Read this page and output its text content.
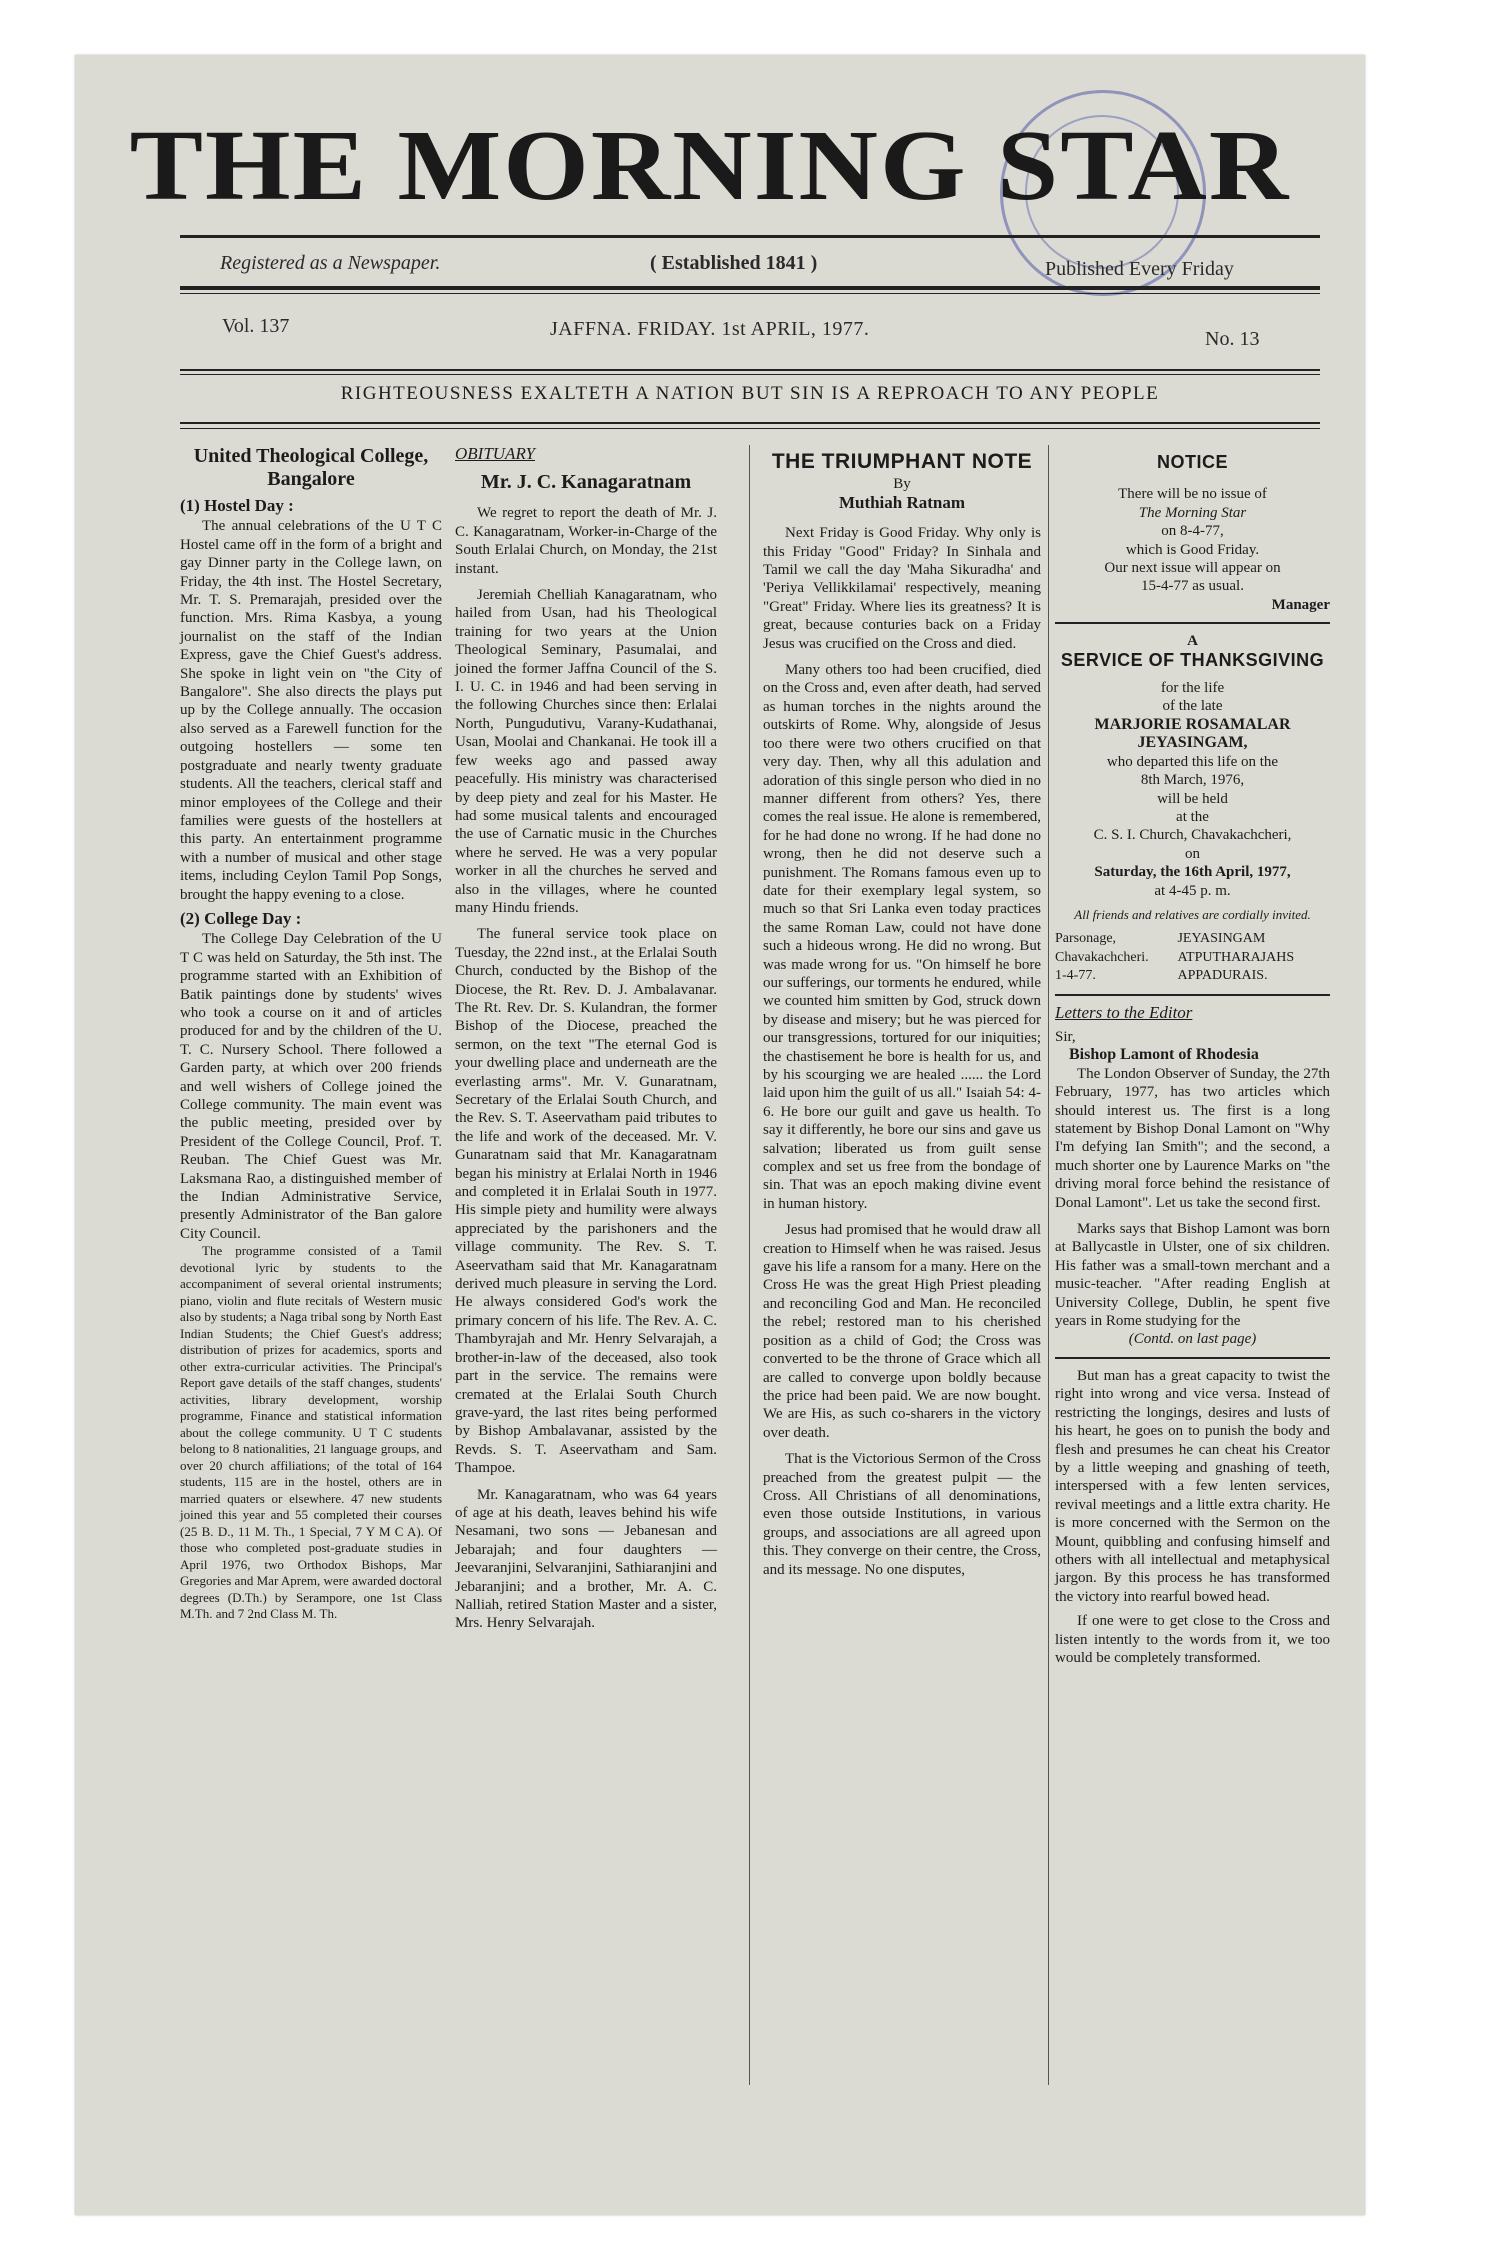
THE MORNING STAR
Registered as a Newspaper.	( Established 1841 )	Published Every Friday
Vol. 137	JAFFNA. FRIDAY. 1st APRIL, 1977.	No. 13
RIGHTEOUSNESS EXALTETH A NATION BUT SIN IS A REPROACH TO ANY PEOPLE
United Theological College, Bangalore
(1) Hostel Day :

The annual celebrations of the U T C Hostel came off in the form of a bright and gay Dinner party in the College lawn, on Friday, the 4th inst. The Hostel Secretary, Mr. T. S. Premarajah, presided over the function. Mrs. Rima Kasbya, a young journalist on the staff of the Indian Express, gave the Chief Guest's address. She spoke in light vein on "the City of Bangalore". She also directs the plays put up by the College annually. The occasion also served as a Farewell function for the outgoing hostellers — some ten postgraduate and nearly twenty graduate students. All the teachers, clerical staff and minor employees of the College and their families were guests of the hostellers at this party. An entertainment programme with a number of musical and other stage items, including Ceylon Tamil Pop Songs, brought the happy evening to a close.

(2) College Day :

The College Day Celebration of the U T C was held on Saturday, the 5th inst. The programme started with an Exhibition of Batik paintings done by students' wives who took a course on it and of articles produced for and by the children of the U. T. C. Nursery School. There followed a Garden party, at which over 200 friends and well wishers of College joined the College community. The main event was the public meeting, presided over by President of the College Council, Prof. T. Reuban. The Chief Guest was Mr. Laksmana Rao, a distinguished member of the Indian Administrative Service, presently Administrator of the Ban galore City Council.

The programme consisted of a Tamil devotional lyric by students to the accompaniment of several oriental instruments; piano, violin and flute recitals of Western music also by students; a Naga tribal song by North East Indian Students; the Chief Guest's address; distribution of prizes for academics, sports and other extra-curricular activities. The Principal's Report gave details of the staff changes, students' activities, library development, worship programme, Finance and statistical information about the college community. U T C students belong to 8 nationalities, 21 language groups, and over 20 church affiliations; of the total of 164 students, 115 are in the hostel, others are in married quaters or elsewhere. 47 new students joined this year and 55 completed their courses (25 B. D., 11 M. Th., 1 Special, 7 Y M C A). Of those who completed post-graduate studies in April 1976, two Orthodox Bishops, Mar Gregories and Mar Aprem, were awarded doctoral degrees (D.Th.) by Serampore, one 1st Class M.Th. and 7 2nd Class M. Th.

OBITUARY
Mr. J. C. Kanagaratnam

We regret to report the death of Mr. J. C. Kanagaratnam, Worker-in-Charge of the South Erlalai Church, on Monday, the 21st instant.

Jeremiah Chelliah Kanagaratnam, who hailed from Usan, had his Theological training for two years at the Union Theological Seminary, Pasumalai, and joined the former Jaffna Council of the S. I. U. C. in 1946 and had been serving in the following Churches since then: Erlalai North, Pungudutivu, Varany-Kudathanai, Usan, Moolai and Chankanai. He took ill a few weeks ago and passed away peacefully. His ministry was characterised by deep piety and zeal for his Master. He had some musical talents and encouraged the use of Carnatic music in the Churches where he served. He was a very popular worker in all the churches he served and also in the villages, where he counted many Hindu friends.

The funeral service took place on Tuesday, the 22nd inst., at the Erlalai South Church, conducted by the Bishop of the Diocese, the Rt. Rev. D. J. Ambalavanar. The Rt. Rev. Dr. S. Kulandran, the former Bishop of the Diocese, preached the sermon, on the text "The eternal God is your dwelling place and underneath are the everlasting arms". Mr. V. Gunaratnam, Secretary of the Erlalai South Church, and the Rev. S. T. Aseervatham paid tributes to the life and work of the deceased. Mr. V. Gunaratnam said that Mr. Kanagaratnam began his ministry at Erlalai North in 1946 and completed it in Erlalai South in 1977. His simple piety and humility were always appreciated by the parishoners and the village community. The Rev. S. T. Aseervatham said that Mr. Kanagaratnam derived much pleasure in serving the Lord. He always considered God's work the primary concern of his life. The Rev. A. C. Thambyrajah and Mr. Henry Selvarajah, a brother-in-law of the deceased, also took part in the service. The remains were cremated at the Erlalai South Church grave-yard, the last rites being performed by Bishop Ambalavanar, assisted by the Revds. S. T. Aseervatham and Sam. Thampoe.

Mr. Kanagaratnam, who was 64 years of age at his death, leaves behind his wife Nesamani, two sons — Jebanesan and Jebarajah; and four daughters — Jeevaranjini, Selvaranjini, Sathiaranjini and Jebaranjini; and a brother, Mr. A. C. Nalliah, retired Station Master and a sister, Mrs. Henry Selvarajah.

THE TRIUMPHANT NOTE
By
Muthiah Ratnam

Next Friday is Good Friday. Why only is this Friday "Good" Friday? In Sinhala and Tamil we call the day 'Maha Sikuradha' and 'Periya Vellikkilamai' respectively, meaning "Great" Friday. Where lies its greatness? It is great, because conturies back on a Friday Jesus was crucified on the Cross and died.

Many others too had been crucified, died on the Cross and, even after death, had served as human torches in the nights around the outskirts of Rome. Why, alongside of Jesus too there were two others crucified on that very day. Then, why all this adulation and adoration of this single person who died in no manner different from others? Yes, there comes the real issue. He alone is remembered, for he had done no wrong. If he had done no wrong, then he did not deserve such a punishment. The Romans famous even up to date for their exemplary legal system, so much so that Sri Lanka even today practices the same Roman Law, could not have done such a hideous wrong. He did no wrong. But was made wrong for us. "On himself he bore our sufferings, our torments he endured, while we counted him smitten by God, struck down by disease and misery; but he was pierced for our transgressions, tortured for our iniquities; the chastisement he bore is health for us, and by his scourging we are healed ...... the Lord laid upon him the guilt of us all." Isaiah 54: 4-6. He bore our guilt and gave us health. To say it differently, he bore our sins and gave us salvation; liberated us from guilt sense complex and set us free from the bondage of sin. That was an epoch making divine event in human history.

Jesus had promised that he would draw all creation to Himself when he was raised. Jesus gave his life a ransom for a many. Here on the Cross He was the great High Priest pleading and reconciling God and Man. He reconciled the rebel; restored man to his cherished position as a child of God; the Cross was converted to be the throne of Grace which all are called to converge upon boldly because the price had been paid. We are now bought. We are His, as such co-sharers in the victory over death.

That is the Victorious Sermon of the Cross preached from the greatest pulpit — the Cross. All Christians of all denominations, even those outside Institutions, in various groups, and associations are all agreed upon this. They converge on their centre, the Cross, and its message. No one disputes,

NOTICE
There will be no issue of
The Morning Star
on 8-4-77,
which is Good Friday.
Our next issue will appear on
15-4-77 as usual.
Manager
A
SERVICE OF THANKSGIVING
for the life
of the late
MARJORIE ROSAMALAR JEYASINGAM,
who departed this life on the
8th March, 1976,
will be held
at the
C. S. I. Church, Chavakachcheri,
on
Saturday, the 16th April, 1977,
at 4-45 p. m.
All friends and relatives are cordially invited.
Parsonage,	JEYASINGAM
Chavakachcheri.	ATPUTHARAJAHS
1-4-77.	APPADURAIS.
Letters to the Editor
Sir,
Bishop Lamont of Rhodesia

The London Observer of Sunday, the 27th February, 1977, has two articles which should interest us. The first is a long statement by Bishop Donal Lamont on "Why I'm defying Ian Smith"; and the second, a much shorter one by Laurence Marks on "the driving moral force behind the resistance of Donal Lamont". Let us take the second first.

Marks says that Bishop Lamont was born at Ballycastle in Ulster, one of six children. His father was a small-town merchant and a music-teacher. "After reading English at University College, Dublin, he spent five years in Rome studying for the

(Contd. on last page)

But man has a great capacity to twist the right into wrong and vice versa. Instead of restricting the longings, desires and lusts of his heart, he goes on to punish the body and flesh and presumes he can cheat his Creator by a little weeping and gnashing of teeth, interspersed with a few lenten services, revival meetings and a little extra charity. He is more concerned with the Sermon on the Mount, quibbling and confusing himself and others with all intellectual and metaphysical jargon. By this process he has transformed the victory into rearful bowed head.

If one were to get close to the Cross and listen intently to the words from it, we too would be completely transformed.
